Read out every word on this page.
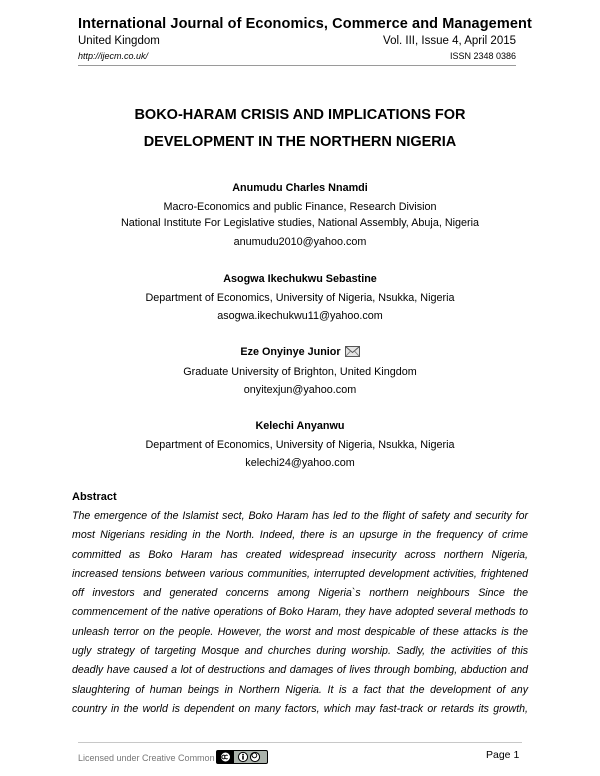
International Journal of Economics, Commerce and Management
United Kingdom	Vol. III, Issue 4, April 2015
http://ijecm.co.uk/	ISSN 2348 0386
BOKO-HARAM CRISIS AND IMPLICATIONS FOR
DEVELOPMENT IN THE NORTHERN NIGERIA
Anumudu Charles Nnamdi
Macro-Economics and public Finance, Research Division
National Institute For Legislative studies, National Assembly, Abuja, Nigeria
anumudu2010@yahoo.com
Asogwa Ikechukwu Sebastine
Department of Economics, University of Nigeria, Nsukka, Nigeria
asogwa.ikechukwu11@yahoo.com
Eze Onyinye Junior
Graduate University of Brighton, United Kingdom
onyitexjun@yahoo.com
Kelechi Anyanwu
Department of Economics, University of Nigeria, Nsukka, Nigeria
kelechi24@yahoo.com
Abstract
The emergence of the Islamist sect, Boko Haram has led to the flight of safety and security for
most Nigerians residing in the North. Indeed, there is an upsurge in the frequency of crime
committed as Boko Haram has created widespread insecurity across northern Nigeria,
increased tensions between various communities, interrupted development activities, frightened
off investors and generated concerns among Nigeria`s northern neighbours Since the
commencement of the native operations of Boko Haram, they have adopted several methods to
unleash terror on the people. However, the worst and most despicable of these attacks is the
ugly strategy of targeting Mosque and churches during worship. Sadly, the activities of this
deadly have caused a lot of destructions and damages of lives through bombing, abduction and
slaughtering of human beings in Northern Nigeria. It is a fact that the development of any
country in the world is dependent on many factors, which may fast-track or retards its growth,
Licensed under Creative Common	Page 1
